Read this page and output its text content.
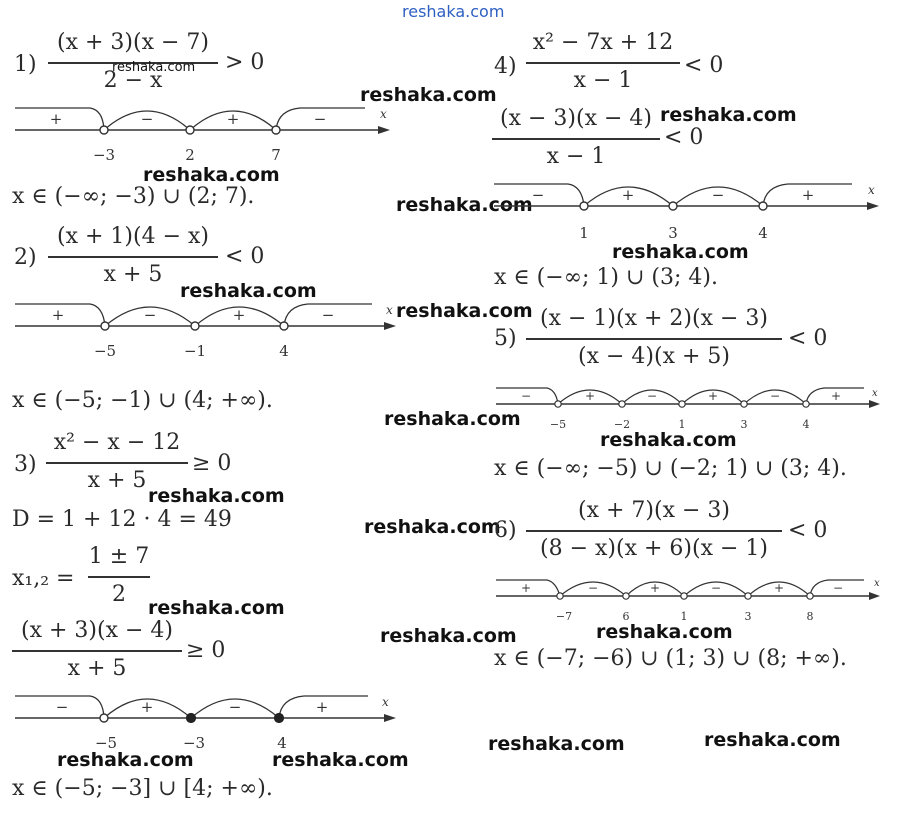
reshaka.com
1)
(x + 3)(x − 7)
2 − x
> 0
reshaka.com
x
+	−	+	−
−3	2	7
reshaka.com
reshaka.com
x ∈ (−∞; −3) ∪ (2; 7).
2)
(x + 1)(4 − x)
x + 5
< 0
reshaka.com
x
+	−	+	−
−5	−1	4
x ∈ (−5; −1) ∪ (4; +∞).
3)
x² − x − 12
x + 5
≥ 0
reshaka.com
D = 1 + 12 · 4 = 49
x₁,₂ =
1 ± 7
2
reshaka.com
(x + 3)(x − 4)
x + 5
≥ 0
x
−	+	−	+
−5	−3	4
reshaka.com	reshaka.com
x ∈ (−5; −3] ∪ [4; +∞).
4)
x² − 7x + 12
x − 1
< 0
(x − 3)(x − 4)
x − 1
< 0
reshaka.com
reshaka.com
x
−	+	−	+
1	3	4
reshaka.com
x ∈ (−∞; 1) ∪ (3; 4).
reshaka.com
5)
(x − 1)(x + 2)(x − 3)
(x − 4)(x + 5)
< 0
reshaka.com
x
−	+	−	+	−	+
−5	−2	1	3	4
reshaka.com
x ∈ (−∞; −5) ∪ (−2; 1) ∪ (3; 4).
reshaka.com
6)
(x + 7)(x − 3)
(8 − x)(x + 6)(x − 1)
< 0
x
+	−	+	−	+	−
−7	6	1	3	8
reshaka.com	reshaka.com
x ∈ (−7; −6) ∪ (1; 3) ∪ (8; +∞).
reshaka.com	reshaka.com
